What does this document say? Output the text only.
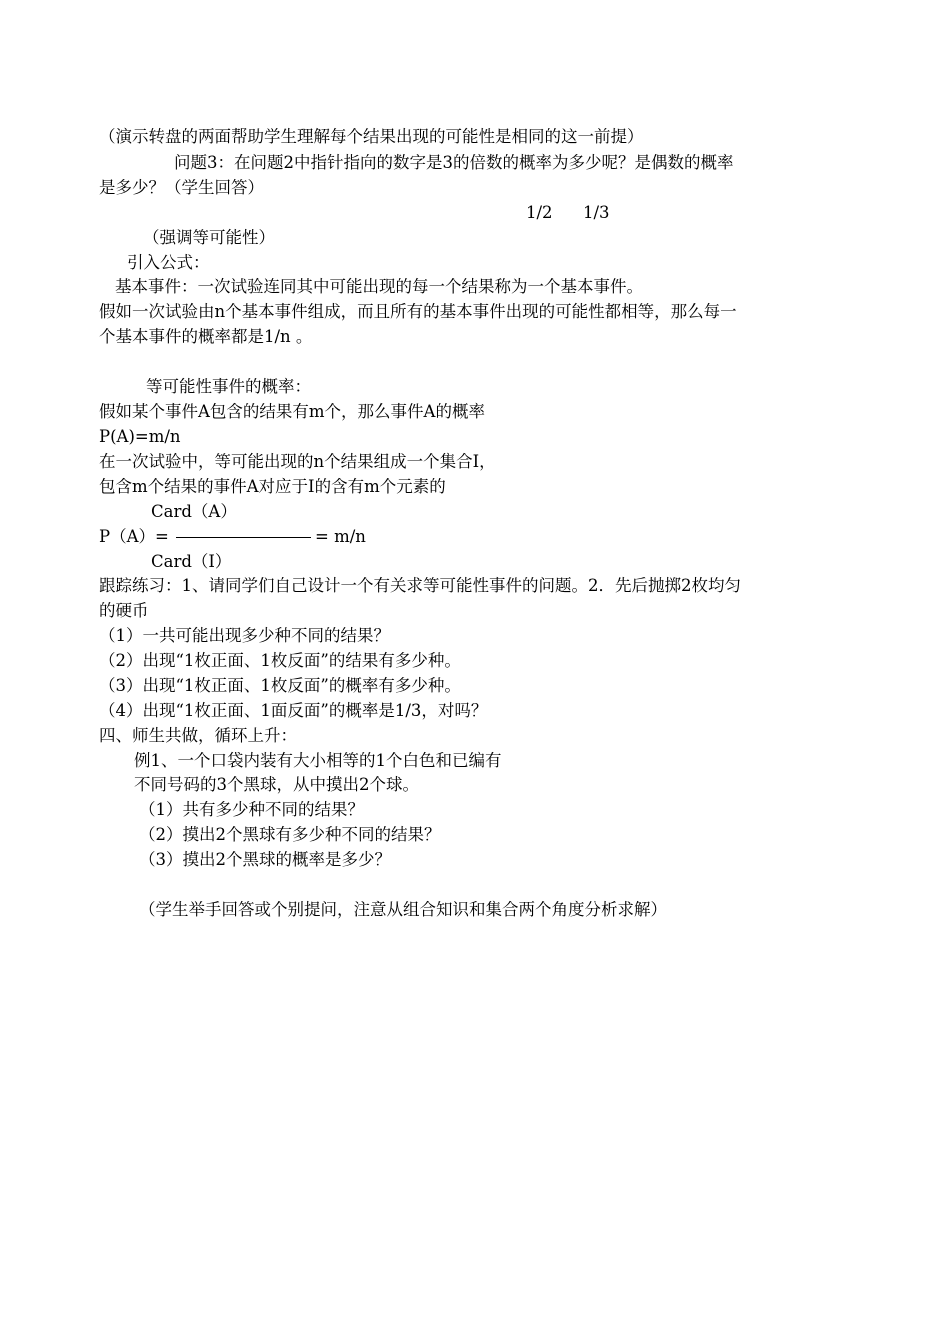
（演示转盘的两面帮助学生理解每个结果出现的可能性是相同的这一前提）
问题3：在问题2中指针指向的数字是3的倍数的概率为多少呢？是偶数的概率
是多少？（学生回答）
1/2	1/3
（强调等可能性）
引入公式：
基本事件：一次试验连同其中可能出现的每一个结果称为一个基本事件。
假如一次试验由n个基本事件组成，而且所有的基本事件出现的可能性都相等，那么每一
个基本事件的概率都是1/n 。
等可能性事件的概率：
假如某个事件A包含的结果有m个，那么事件A的概率
P(A)=m/n
在一次试验中，等可能出现的n个结果组成一个集合I，
包含m个结果的事件A对应于I的含有m个元素的
Card（A）
P（A）=	= m/n
Card（I）
跟踪练习：1、请同学们自己设计一个有关求等可能性事件的问题。2．先后抛掷2枚均匀
的硬币
（1）一共可能出现多少种不同的结果？
（2）出现“1枚正面、1枚反面”的结果有多少种。
（3）出现“1枚正面、1枚反面”的概率有多少种。
（4）出现“1枚正面、1面反面”的概率是1/3，对吗？
四、师生共做，循环上升：
例1、一个口袋内装有大小相等的1个白色和已编有
不同号码的3个黑球，从中摸出2个球。
（1）共有多少种不同的结果？
（2）摸出2个黑球有多少种不同的结果？
（3）摸出2个黑球的概率是多少？
（学生举手回答或个别提问，注意从组合知识和集合两个角度分析求解）
